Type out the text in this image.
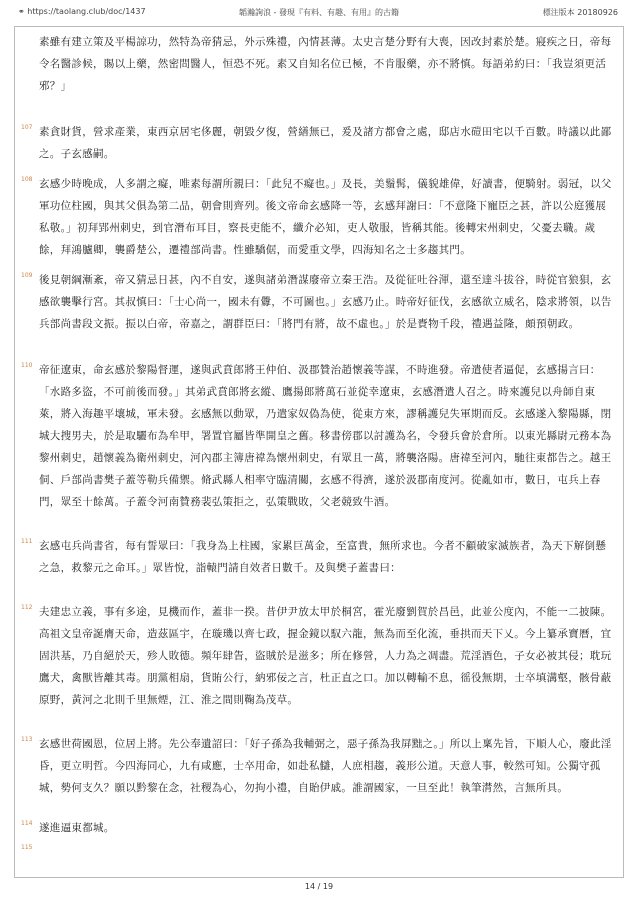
⚭ https://taolang.club/doc/1437	韜瀚詢浪 - 發現『有料、有趣、有用』的古籍	標注版本 20180926
素雖有建立策及平楊諒功，然特為帝猜忌，外示殊禮，內情甚薄。太史言楚分野有大喪，因改封素於楚。寢疾之日，帝每令名醫診候，賜以上藥，然密問醫人，恒恐不死。素又自知名位已極，不肯服藥，亦不將慎。每語弟約曰：「我豈須更活邪？」
107 素貪財貨，營求產業，東西京居宅侈麗，朝毀夕復，營繕無已，爰及諸方都會之處，邸店水磑田宅以千百數。時議以此鄙之。子玄感嗣。
108 玄感少時晚成，人多謂之癡，唯素每謂所親曰：「此兒不癡也。」及長，美鬚髯，儀貌雄偉，好讀書，便騎射。弱冠，以父軍功位柱國，與其父俱為第二品，朝會則齊列。後文帝命玄感降一等，玄感拜謝曰：「不意隆下寵臣之甚，許以公庭獲展私敬。」初拜郢州刺史，到官潛布耳目，察長吏能不，纖介必知，吏人敬服，皆稱其能。後轉宋州刺史，父憂去職。歲餘，拜鴻臚卿，襲爵楚公，遷禮部尚書。性雖驕倨，而愛重文學，四海知名之士多趨其門。
109 後見朝綱漸紊，帝又猜忌日甚，內不自安，遂與諸弟潛謀廢帝立秦王浩。及從征吐谷渾，還至達斗拔谷，時從官狼狽，玄感欲襲擊行宮。其叔慎曰：「士心尚一，國未有釁，不可圖也。」玄感乃止。時帝好征伐，玄感欲立威名，陰求將領，以告兵部尚書段文振。振以白帝，帝嘉之，謂群臣曰：「將門有將，故不虛也。」於是賚物千段，禮遇益隆，頗預朝政。
110 帝征遼東，命玄感於黎陽督運，遂與武賁郎將王仲伯、汲郡贊治趙懷義等謀，不時進發。帝遣使者逼促，玄感揚言曰：「水路多盜，不可前後而發。」其弟武賁郎將玄縱、鷹揚郎將萬石並從幸遼東，玄感潛遣人召之。時來護兒以舟師自東萊，將入海趣平壤城，軍未發。玄感無以動眾，乃遣家奴偽為使，從東方來，謬稱護兒失軍期而反。玄感遂入黎陽縣，閉城大搜男夫，於是取驪布為牟甲，署置官屬皆準開皇之舊。移書傍郡以討護為名，令發兵會於倉所。以東光縣尉元務本為黎州刺史，趙懷義為衛州刺史，河內郡主簿唐禕為懷州刺史，有眾且一萬，將襲洛陽。唐禕至河內，馳往東都告之。越王侗、戶部尚書樊子蓋等勒兵備禦。脩武縣人相率守臨清關，玄感不得濟，遂於汲郡南度河。從亂如市，數日，屯兵上春門，眾至十餘萬。子蓋令河南贊務裴弘策拒之，弘策戰敗，父老競致牛酒。
111 玄感屯兵尚書省，每有誓眾曰：「我身為上柱國，家累巨萬金，至富貴，無所求也。今者不顧破家滅族者，為天下解倒懸之急，救黎元之命耳。」眾皆悅，詣轅門請自效者日數千。及與樊子蓋書曰：
112 夫建忠立義，事有多途，見機而作，蓋非一揆。昔伊尹放太甲於桐宮，霍光廢劉賀於昌邑，此並公度內，不能一二披陳。高祖文皇帝誕膺天命，造茲區宇，在璇璣以齊七政，握金鏡以馭六龍，無為而至化流，垂拱而天下乂。今上纂承寶曆，宜固洪基，乃自絕於天，殄人敗德。頻年肆眚，盜賊於是滋多；所在修營，人力為之凋盡。荒淫酒色，子女必被其侵；耽玩鷹犬，禽獸皆離其毒。朋黨相扇，貨賄公行，納邪佞之言，杜正直之口。加以轉輸不息，徭役無期，士卒填溝壑，骸骨蔽原野，黃河之北則千里無煙，江、淮之間則鞠為茂草。
113 玄感世荷國恩，位居上將。先公奉遺詔曰：「好子孫為我輔弼之，惡子孫為我屏黜之。」所以上稟先旨，下順人心，廢此淫昏，更立明哲。今四海同心，九有咸應，士卒用命，如赴私讎，人庶相趨，義形公道。天意人事，較然可知。公獨守孤城，勢何支久？願以黔黎在念，社稷為心，勿拘小禮，自貽伊戚。誰謂國家，一旦至此！執筆潸然，言無所具。
114 遂進逼東都城。
115
14 / 19
